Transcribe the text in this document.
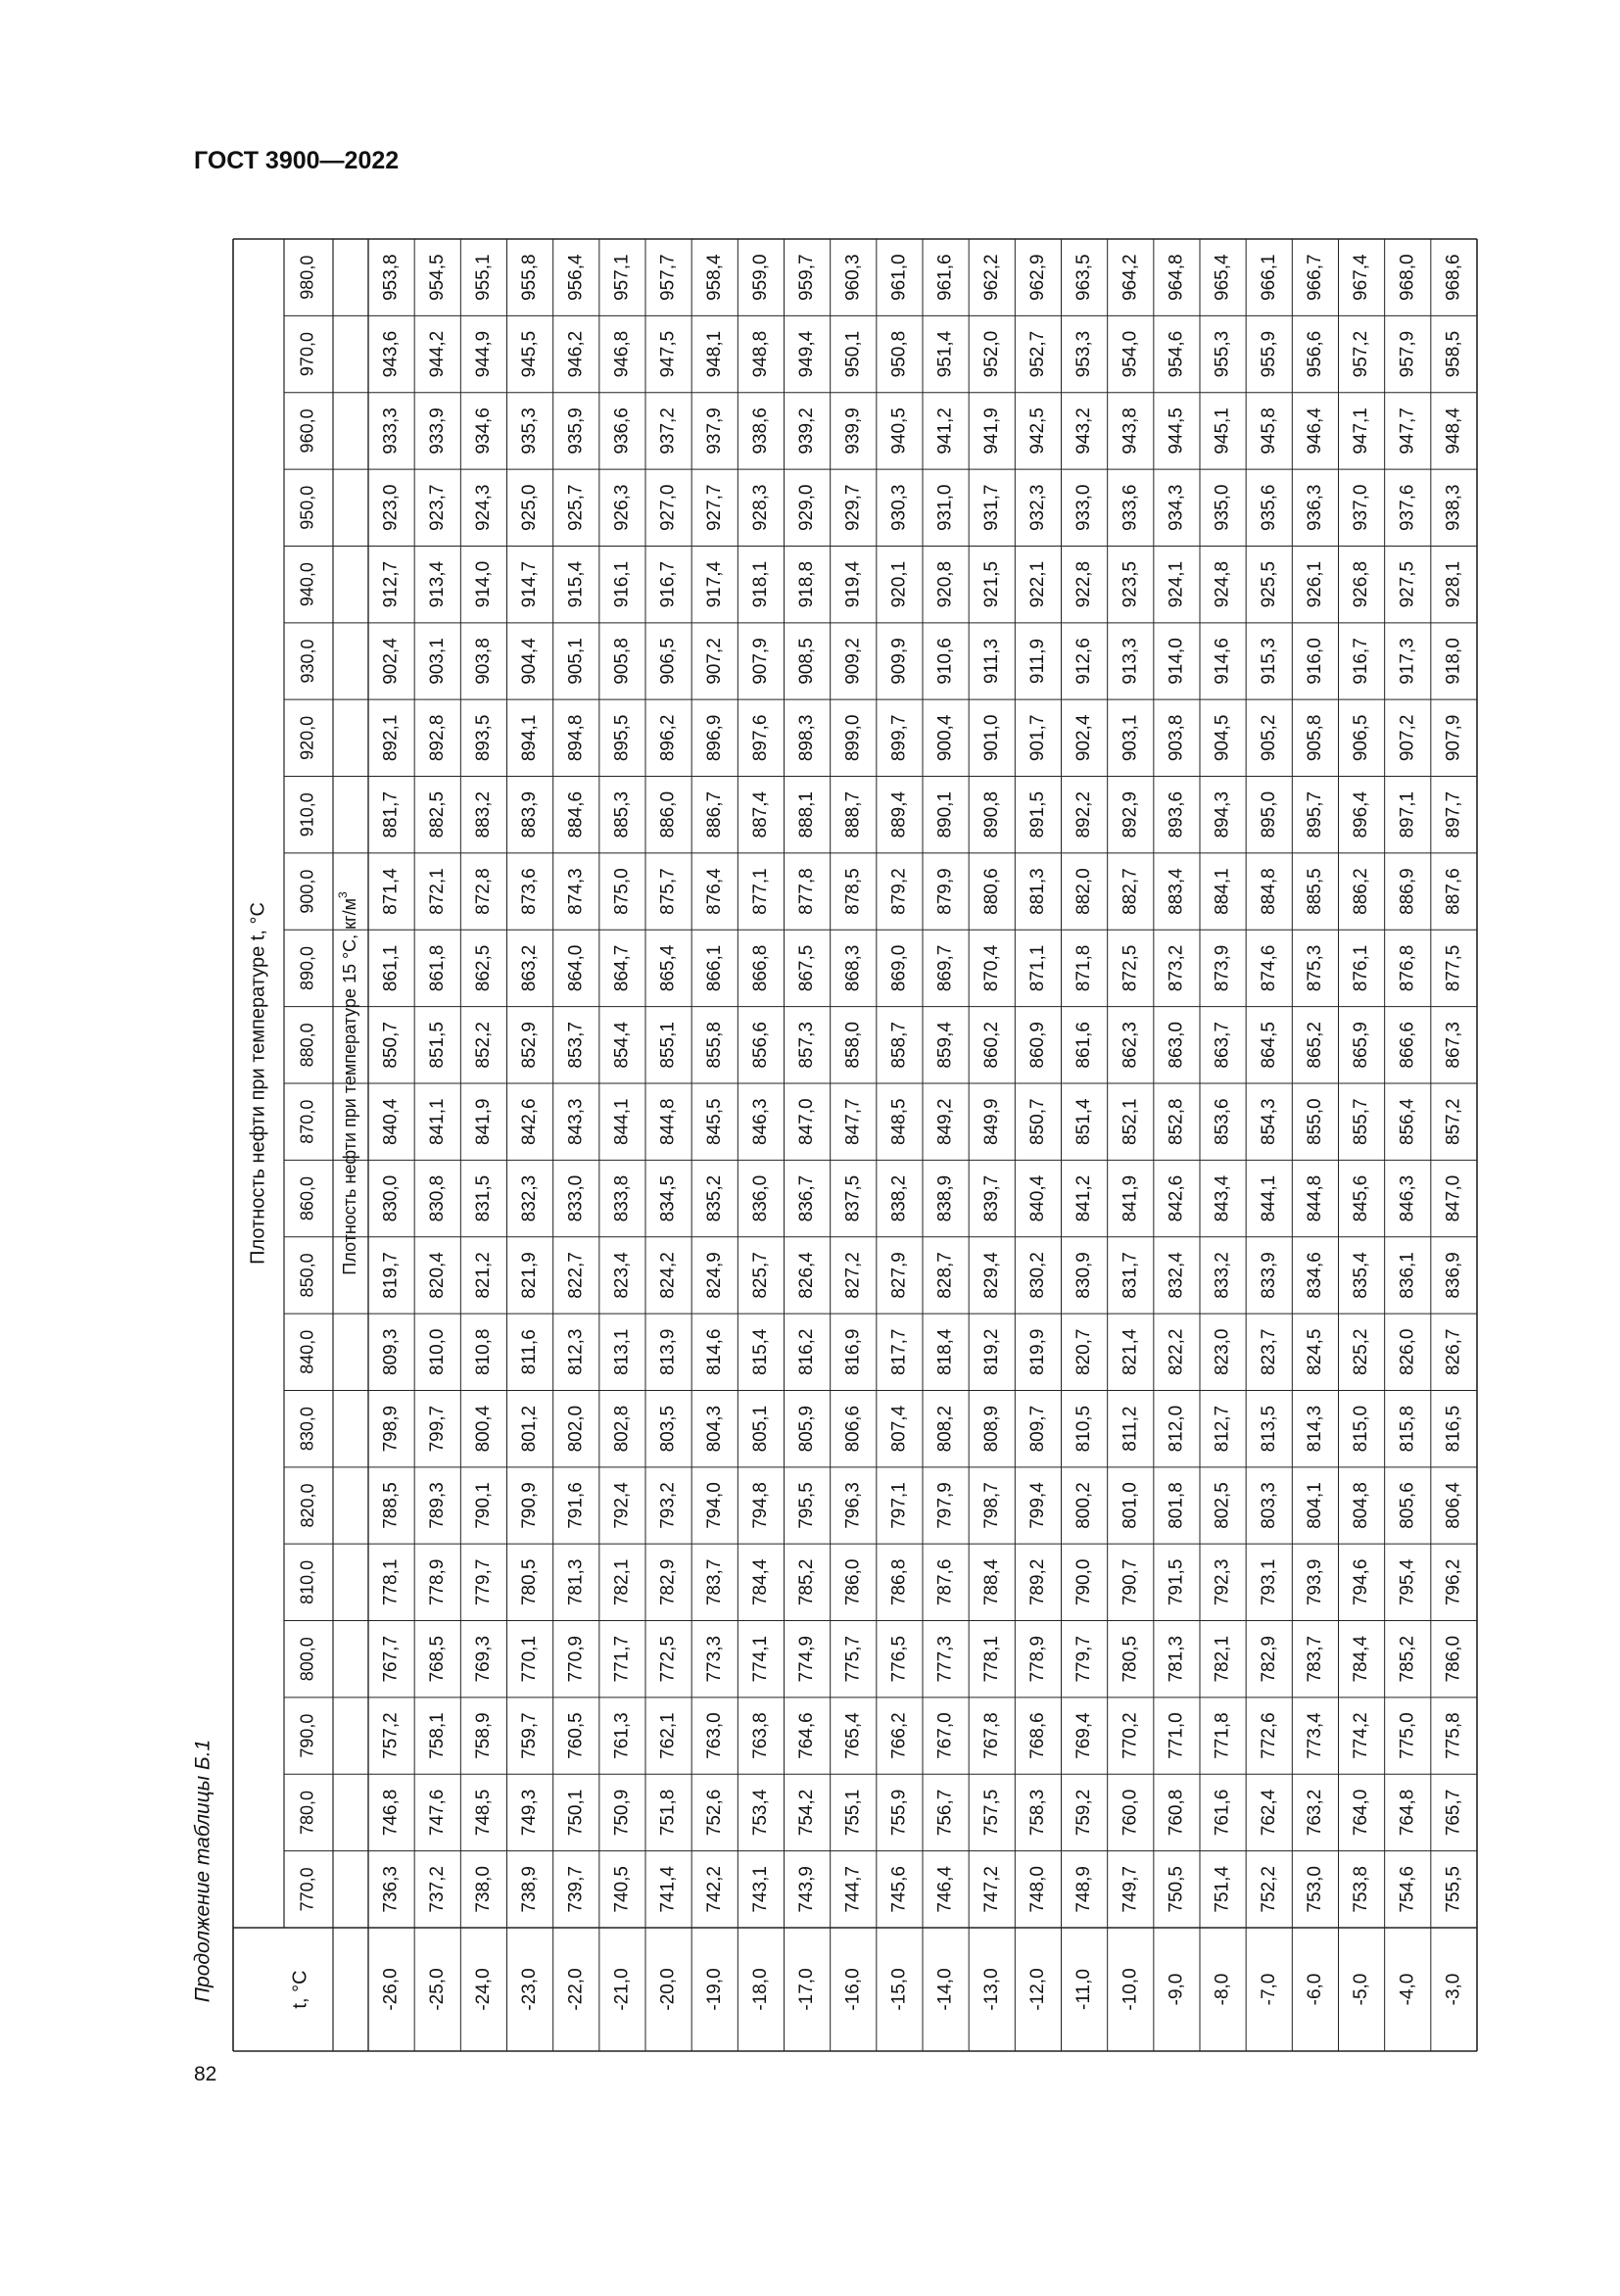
ГОСТ 3900—2022
82
Плотность нефти при температуре t, °C	Плотность нефти при температуре 15 °C, $кг/м^3$
t, °C
770,0
780,0
790,0
800,0
810,0
820,0
830,0
840,0
850,0
860,0
870,0
880,0
890,0
900,0
910,0
920,0
930,0
940,0
950,0
960,0
970,0
980,0
-26,0 -25,0 -24,0 -23,0 -22,0 -21,0 -20,0 -19,0 -18,0 -17,0 -16,0 -15,0 -14,0 -13,0 -12,0 -11,0 -10,0 -9,0 -8,0 -7,0 -6,0 -5,0 -4,0 -3,0
736,3
746,8
757,2
767,7
778,1
788,5
798,9
809,3
819,7
830,0
840,4
850,7
861,1
871,4
881,7
892,1
902,4
912,7
923,0
933,3
943,6
953,8
737,2
747,6
758,1
768,5
778,9
789,3
799,7
810,0
820,4
830,8
841,1
851,5
861,8
872,1
882,5
892,8
903,1
913,4
923,7
933,9
944,2
954,5
738,0
748,5
758,9
769,3
779,7
790,1
800,4
810,8
821,2
831,5
841,9
852,2
862,5
872,8
883,2
893,5
903,8
914,0
924,3
934,6
944,9
955,1
738,9
749,3
759,7
770,1
780,5
790,9
801,2
811,6
821,9
832,3
842,6
852,9
863,2
873,6
883,9
894,1
904,4
914,7
925,0
935,3
945,5
955,8
739,7
750,1
760,5
770,9
781,3
791,6
802,0
812,3
822,7
833,0
843,3
853,7
864,0
874,3
884,6
894,8
905,1
915,4
925,7
935,9
946,2
956,4
740,5
750,9
761,3
771,7
782,1
792,4
802,8
813,1
823,4
833,8
844,1
854,4
864,7
875,0
885,3
895,5
905,8
916,1
926,3
936,6
946,8
957,1
741,4
751,8
762,1
772,5
782,9
793,2
803,5
813,9
824,2
834,5
844,8
855,1
865,4
875,7
886,0
896,2
906,5
916,7
927,0
937,2
947,5
957,7
742,2
752,6
763,0
773,3
783,7
794,0
804,3
814,6
824,9
835,2
845,5
855,8
866,1
876,4
886,7
896,9
907,2
917,4
927,7
937,9
948,1
958,4
743,1
753,4
763,8
774,1
784,4
794,8
805,1
815,4
825,7
836,0
846,3
856,6
866,8
877,1
887,4
897,6
907,9
918,1
928,3
938,6
948,8
959,0
743,9
754,2
764,6
774,9
785,2
795,5
805,9
816,2
826,4
836,7
847,0
857,3
867,5
877,8
888,1
898,3
908,5
918,8
929,0
939,2
949,4
959,7
744,7
755,1
765,4
775,7
786,0
796,3
806,6
816,9
827,2
837,5
847,7
858,0
868,3
878,5
888,7
899,0
909,2
919,4
929,7
939,9
950,1
960,3
745,6
755,9
766,2
776,5
786,8
797,1
807,4
817,7
827,9
838,2
848,5
858,7
869,0
879,2
889,4
899,7
909,9
920,1
930,3
940,5
950,8
961,0
746,4
756,7
767,0
777,3
787,6
797,9
808,2
818,4
828,7
838,9
849,2
859,4
869,7
879,9
890,1
900,4
910,6
920,8
931,0
941,2
951,4
961,6
747,2
757,5
767,8
778,1
788,4
798,7
808,9
819,2
829,4
839,7
849,9
860,2
870,4
880,6
890,8
901,0
911,3
921,5
931,7
941,9
952,0
962,2
748,0
758,3
768,6
778,9
789,2
799,4
809,7
819,9
830,2
840,4
850,7
860,9
871,1
881,3
891,5
901,7
911,9
922,1
932,3
942,5
952,7
962,9
748,9
759,2
769,4
779,7
790,0
800,2
810,5
820,7
830,9
841,2
851,4
861,6
871,8
882,0
892,2
902,4
912,6
922,8
933,0
943,2
953,3
963,5
749,7
760,0
770,2
780,5
790,7
801,0
811,2
821,4
831,7
841,9
852,1
862,3
872,5
882,7
892,9
903,1
913,3
923,5
933,6
943,8
954,0
964,2
750,5
760,8
771,0
781,3
791,5
801,8
812,0
822,2
832,4
842,6
852,8
863,0
873,2
883,4
893,6
903,8
914,0
924,1
934,3
944,5
954,6
964,8
751,4
761,6
771,8
782,1
792,3
802,5
812,7
823,0
833,2
843,4
853,6
863,7
873,9
884,1
894,3
904,5
914,6
924,8
935,0
945,1
955,3
965,4
752,2
762,4
772,6
782,9
793,1
803,3
813,5
823,7
833,9
844,1
854,3
864,5
874,6
884,8
895,0
905,2
915,3
925,5
935,6
945,8
955,9
966,1
753,0
763,2
773,4
783,7
793,9
804,1
814,3
824,5
834,6
844,8
855,0
865,2
875,3
885,5
895,7
905,8
916,0
926,1
936,3
946,4
956,6
966,7
753,8
764,0
774,2
784,4
794,6
804,8
815,0
825,2
835,4
845,6
855,7
865,9
876,1
886,2
896,4
906,5
916,7
926,8
937,0
947,1
957,2
967,4
754,6
764,8
775,0
785,2
795,4
805,6
815,8
826,0
836,1
846,3
856,4
866,6
876,8
886,9
897,1
907,2
917,3
927,5
937,6
947,7
957,9
968,0
755,5
765,7
775,8
786,0
796,2
806,4
816,5
826,7
836,9
847,0
857,2
867,3
877,5
887,6
897,7
907,9
918,0
928,1
938,3
948,4
958,5
968,6
Продолжение таблицы Б.1
